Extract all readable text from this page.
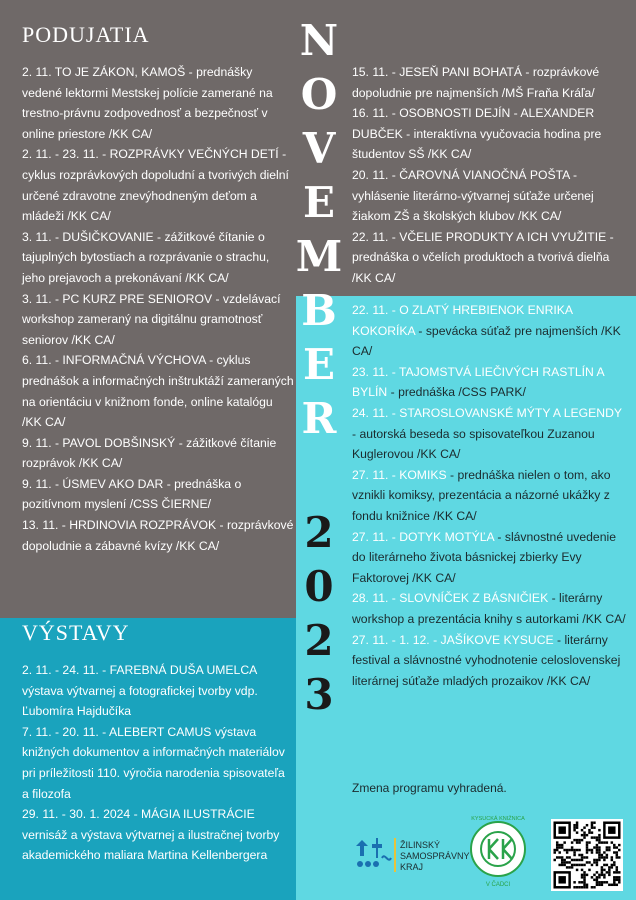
PODUJATIA
VÝSTAVY

2. 11. TO JE ZÁKON, KAMOŠ - prednášky vedené lektormi Mestskej polície zamerané na trestno-právnu zodpovednosť a bezpečnosť v online priestore /KK CA/

2. 11. - 23. 11. - ROZPRÁVKY VEČNÝCH DETÍ - cyklus rozprávkových dopoludní a tvorivých dielní určené zdravotne znevýhodneným deťom a mládeži /KK CA/

3. 11. - DUŠIČKOVANIE - zážitkové čítanie o tajuplných bytostiach a rozprávanie o strachu, jeho prejavoch a prekonávaní /KK CA/

3. 11. - PC KURZ PRE SENIOROV - vzdelávací workshop zameraný na digitálnu gramotnosť seniorov /KK CA/

6. 11. - INFORMAČNÁ VÝCHOVA - cyklus prednášok a informačných inštruktáží zameraných na orientáciu v knižnom fonde, online katalógu /KK CA/

9. 11. - PAVOL DOBŠINSKÝ - zážitkové čítanie rozprávok /KK CA/

9. 11. - ÚSMEV AKO DAR - prednáška o pozitívnom myslení /CSS ČIERNE/

13. 11. - HRDINOVIA ROZPRÁVOK - rozprávkové dopoludnie a zábavné kvízy /KK CA/

2. 11. - 24. 11. - FAREBNÁ DUŠA UMELCA výstava výtvarnej a fotografickej tvorby vdp. Ľubomíra Hajdučíka

7. 11. - 20. 11. - ALEBERT CAMUS výstava knižných dokumentov a informačných materiálov pri príležitosti 110. výročia narodenia spisovateľa a filozofa

29. 11. - 30. 1. 2024 - MÁGIA ILUSTRÁCIE vernisáž a výstava výtvarnej a ilustračnej tvorby akademického maliara Martina Kellenbergera

15. 11. - JESEŇ PANI BOHATÁ - rozprávkové dopoludnie pre najmenších /MŠ Fraňa Kráľa/

16. 11. - OSOBNOSTI DEJÍN - ALEXANDER DUBČEK - interaktívna vyučovacia hodina pre študentov SŠ /KK CA/

20. 11. - ČAROVNÁ VIANOČNÁ POŠTA - vyhlásenie literárno-výtvarnej súťaže určenej žiakom ZŠ a školských klubov /KK CA/

22. 11. - VČELIE PRODUKTY A ICH VYUŽITIE - prednáška o včelích produktoch a tvorivá dielňa /KK CA/

22. 11. - O ZLATÝ HREBIENOK ENRIKA KOKORÍKA - spevácka súťaž pre najmenších /KK CA/

23. 11. - TAJOMSTVÁ LIEČIVÝCH RASTLÍN A BYLÍN - prednáška /CSS PARK/

24. 11. - STAROSLOVANSKÉ MÝTY A LEGENDY - autorská beseda so spisovateľkou Zuzanou Kuglerovou /KK CA/

27. 11. - KOMIKS - prednáška nielen o tom, ako vznikli komiksy, prezentácia a názorné ukážky z fondu knižnice /KK CA/

27. 11. - DOTYK MOTÝĽA - slávnostné uvedenie do literárneho života básnickej zbierky Evy Faktorovej /KK CA/

28. 11. - SLOVNÍČEK Z BÁSNIČIEK - literárny workshop a prezentácia knihy s autorkami /KK CA/

27. 11. - 1. 12. - JAŠÍKOVE KYSUCE - literárny festival a slávnostné vyhodnotenie celoslovenskej literárnej súťaže mladých prozaikov /KK CA/

N
O
V
E
M
B
E
R
2
0
2
3
Zmena programu vyhradená.
ŽILINSKÝ
SAMOSPRÁVNY
KRAJ
KYSUCKÁ KNIŽNICA
V ČADCI
